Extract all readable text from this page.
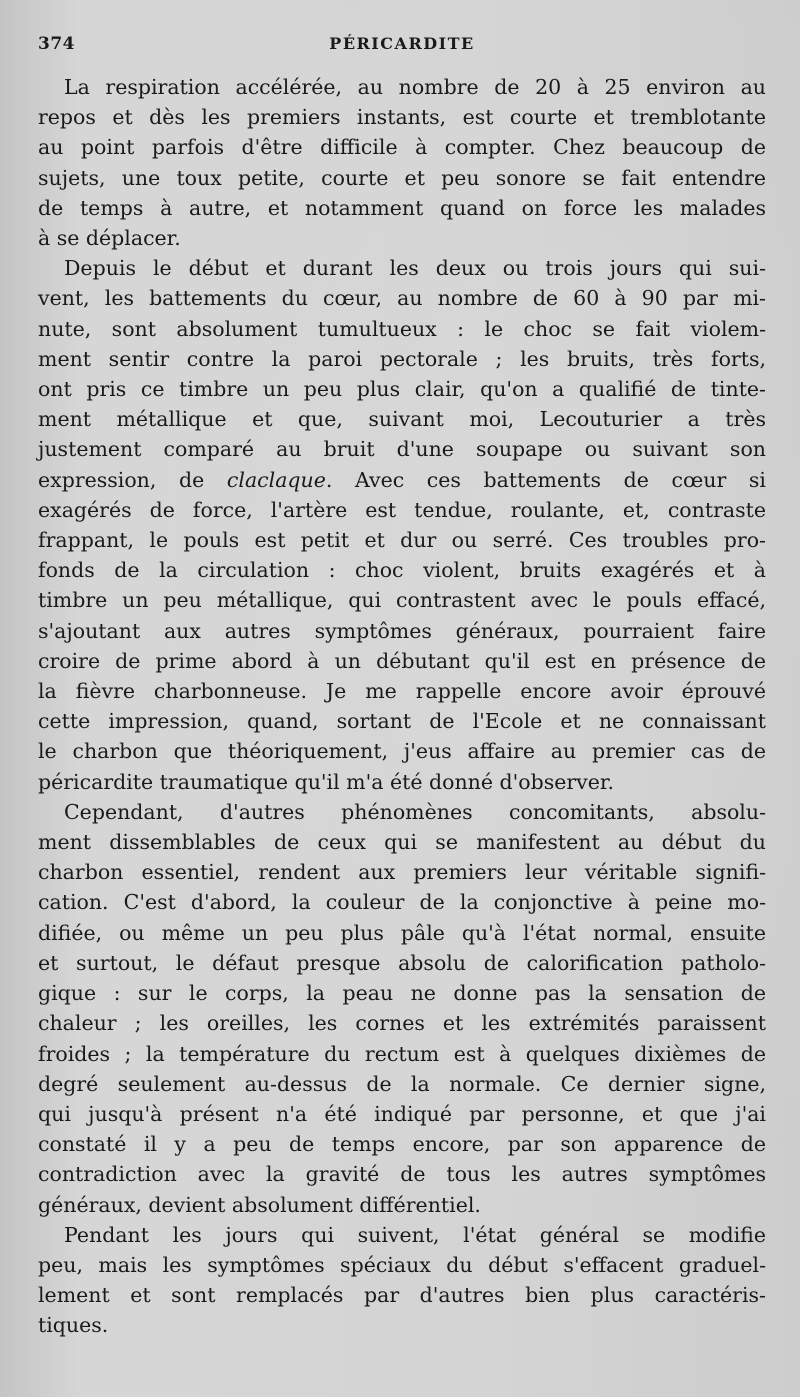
374	PÉRICARDITE

La respiration accélérée, au nombre de 20 à 25 environ au
repos et dès les premiers instants, est courte et tremblotante
au point parfois d'être difficile à compter. Chez beaucoup de
sujets, une toux petite, courte et peu sonore se fait entendre
de temps à autre, et notamment quand on force les malades
à se déplacer.

Depuis le début et durant les deux ou trois jours qui sui-
vent, les battements du cœur, au nombre de 60 à 90 par mi-
nute, sont absolument tumultueux : le choc se fait violem-
ment sentir contre la paroi pectorale ; les bruits, très forts,
ont pris ce timbre un peu plus clair, qu'on a qualifié de tinte-
ment métallique et que, suivant moi, Lecouturier a très
justement comparé au bruit d'une soupape ou suivant son
expression, de claclaque. Avec ces battements de cœur si
exagérés de force, l'artère est tendue, roulante, et, contraste
frappant, le pouls est petit et dur ou serré. Ces troubles pro-
fonds de la circulation : choc violent, bruits exagérés et à
timbre un peu métallique, qui contrastent avec le pouls effacé,
s'ajoutant aux autres symptômes généraux, pourraient faire
croire de prime abord à un débutant qu'il est en présence de
la fièvre charbonneuse. Je me rappelle encore avoir éprouvé
cette impression, quand, sortant de l'Ecole et ne connaissant
le charbon que théoriquement, j'eus affaire au premier cas de
péricardite traumatique qu'il m'a été donné d'observer.

Cependant, d'autres phénomènes concomitants, absolu-
ment dissemblables de ceux qui se manifestent au début du
charbon essentiel, rendent aux premiers leur véritable signifi-
cation. C'est d'abord, la couleur de la conjonctive à peine mo-
difiée, ou même un peu plus pâle qu'à l'état normal, ensuite
et surtout, le défaut presque absolu de calorification patholo-
gique : sur le corps, la peau ne donne pas la sensation de
chaleur ; les oreilles, les cornes et les extrémités paraissent
froides ; la température du rectum est à quelques dixièmes de
degré seulement au-dessus de la normale. Ce dernier signe,
qui jusqu'à présent n'a été indiqué par personne, et que j'ai
constaté il y a peu de temps encore, par son apparence de
contradiction avec la gravité de tous les autres symptômes
généraux, devient absolument différentiel.

Pendant les jours qui suivent, l'état général se modifie
peu, mais les symptômes spéciaux du début s'effacent graduel-
lement et sont remplacés par d'autres bien plus caractéris-
tiques.
